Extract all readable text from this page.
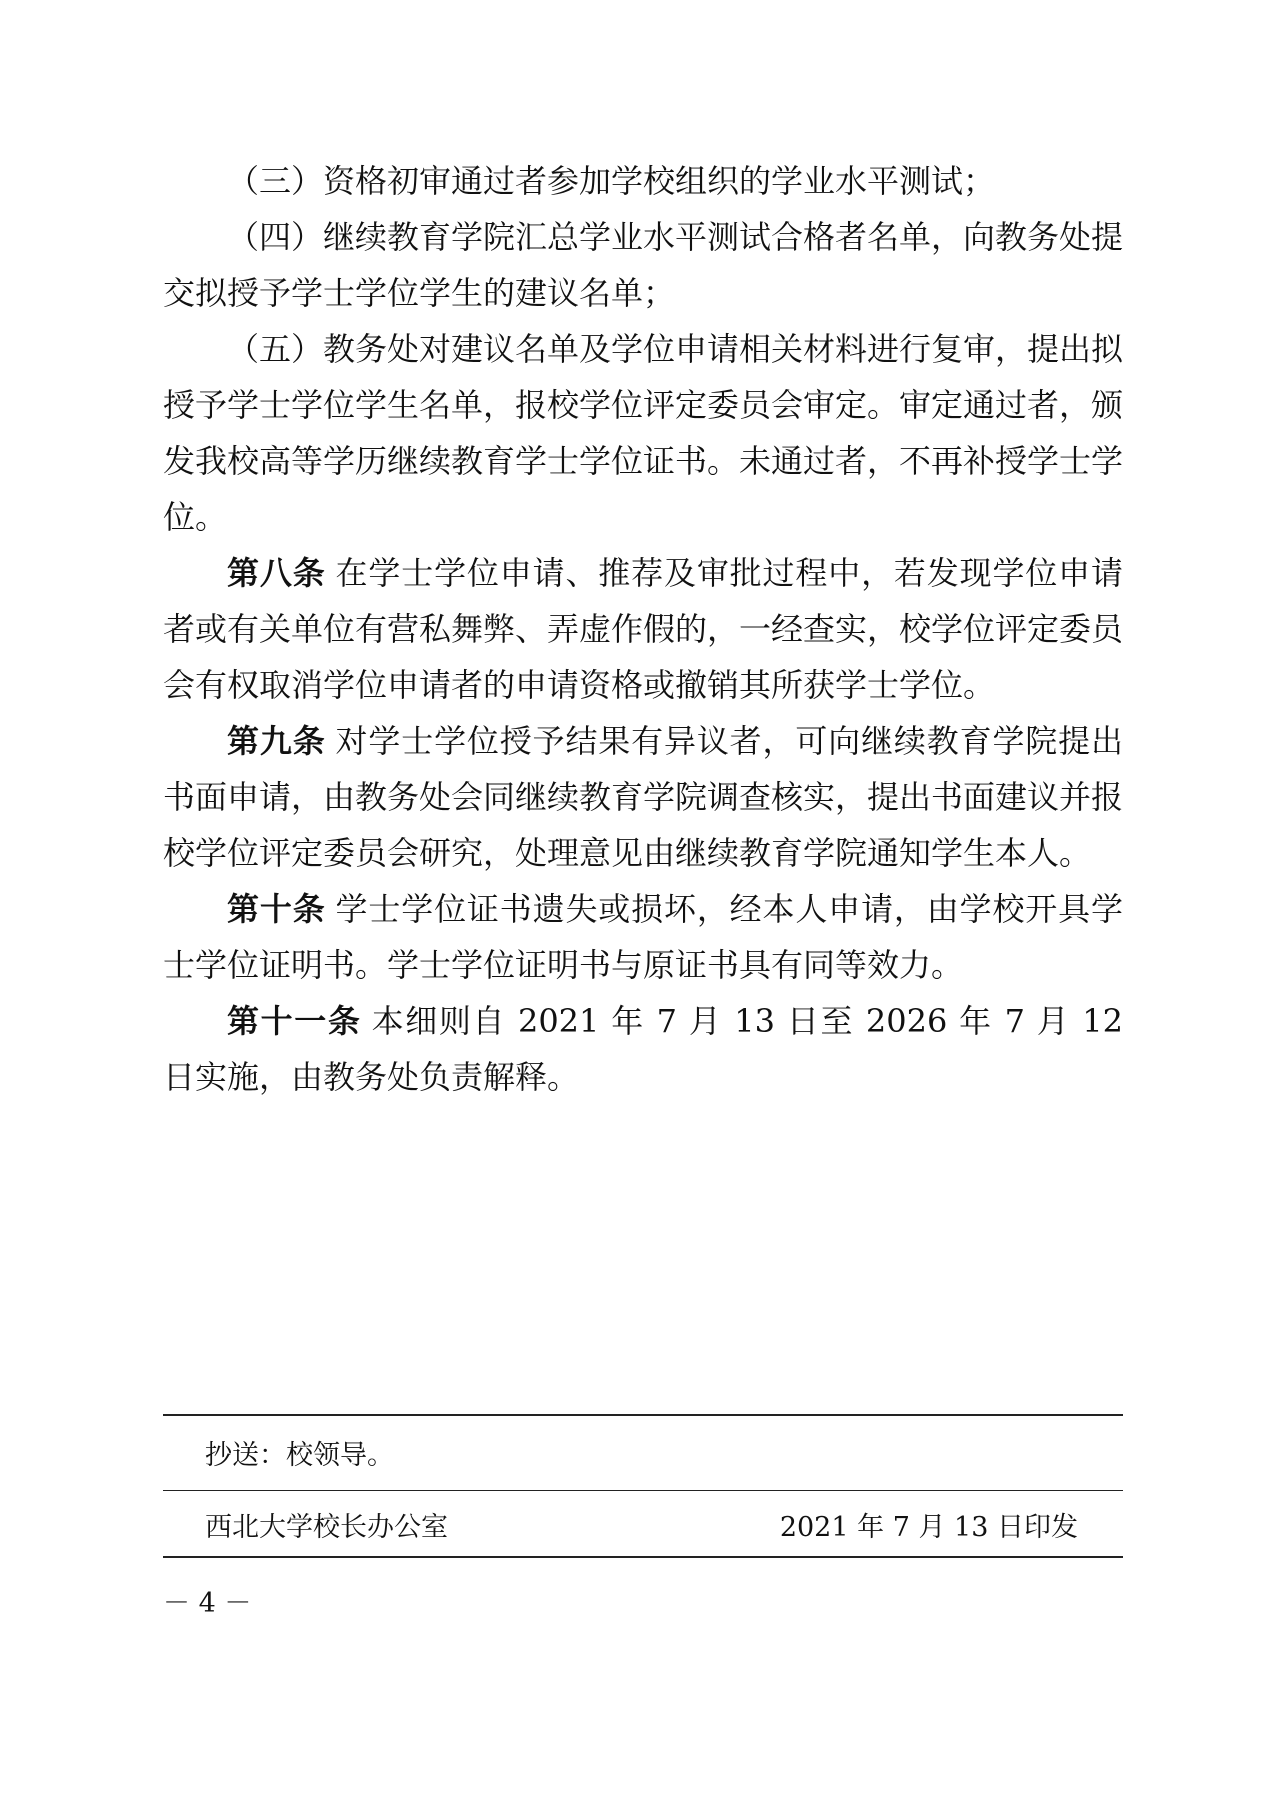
（三）资格初审通过者参加学校组织的学业水平测试；

（四）继续教育学院汇总学业水平测试合格者名单，向教务处提交拟授予学士学位学生的建议名单；

（五）教务处对建议名单及学位申请相关材料进行复审，提出拟授予学士学位学生名单，报校学位评定委员会审定。审定通过者，颁发我校高等学历继续教育学士学位证书。未通过者，不再补授学士学位。

第八条 在学士学位申请、推荐及审批过程中，若发现学位申请者或有关单位有营私舞弊、弄虚作假的，一经查实，校学位评定委员会有权取消学位申请者的申请资格或撤销其所获学士学位。

第九条 对学士学位授予结果有异议者，可向继续教育学院提出书面申请，由教务处会同继续教育学院调查核实，提出书面建议并报校学位评定委员会研究，处理意见由继续教育学院通知学生本人。

第十条 学士学位证书遗失或损坏，经本人申请，由学校开具学士学位证明书。学士学位证明书与原证书具有同等效力。

第十一条 本细则自 2021 年 7 月 13 日至 2026 年 7 月 12 日实施，由教务处负责解释。

抄送：校领导。
西北大学校长办公室	2021 年 7 月 13 日印发
－ 4 －
